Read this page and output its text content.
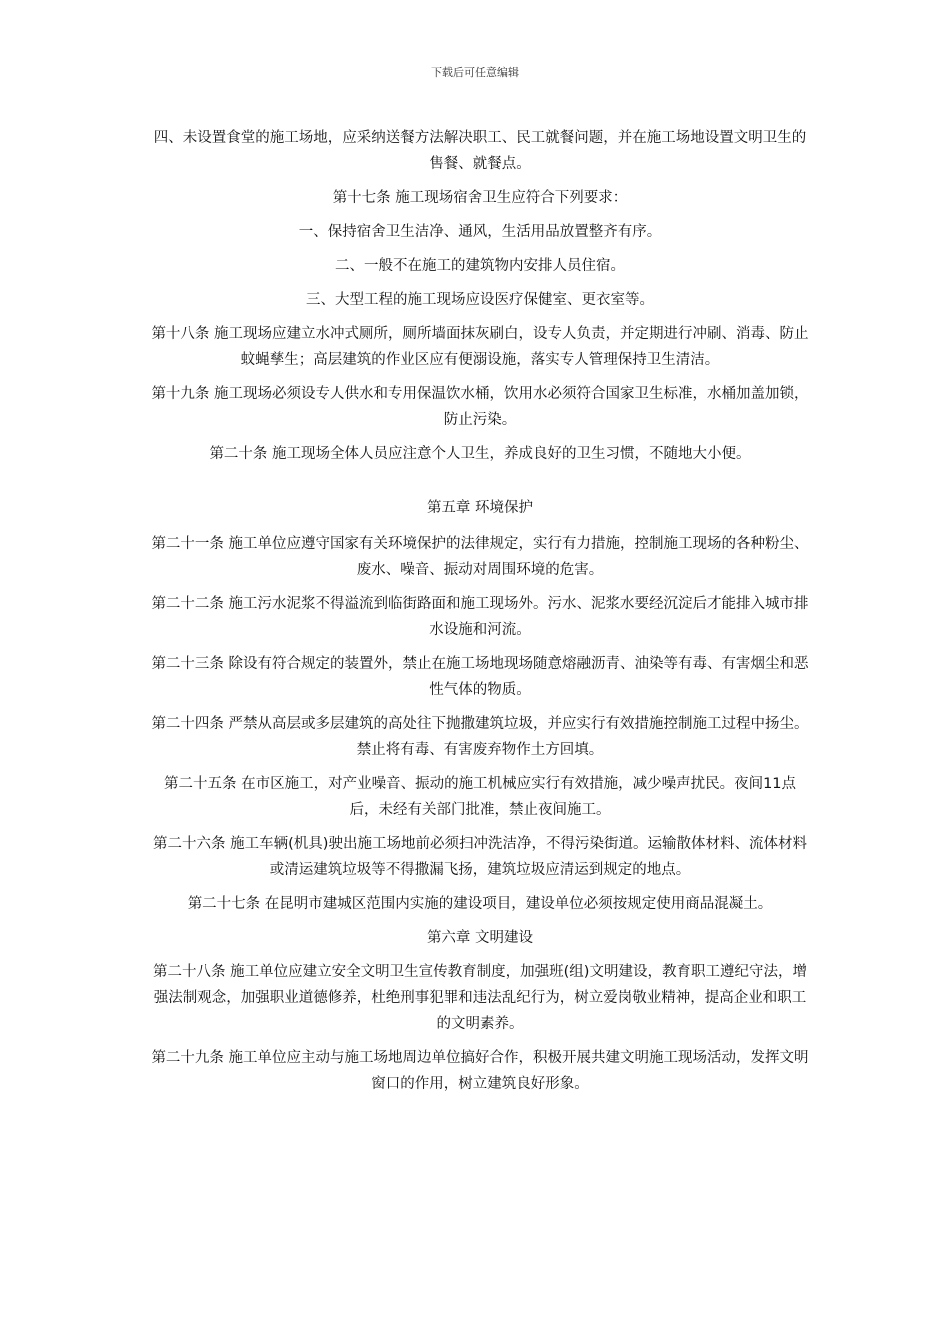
下载后可任意编辑

四、未设置食堂的施工场地，应采纳送餐方法解决职工、民工就餐问题，并在施工场地设置文明卫生的售餐、就餐点。

第十七条 施工现场宿舍卫生应符合下列要求：

一、保持宿舍卫生洁净、通风，生活用品放置整齐有序。

二、一般不在施工的建筑物内安排人员住宿。

三、大型工程的施工现场应设医疗保健室、更衣室等。

第十八条 施工现场应建立水冲式厕所，厕所墙面抹灰刷白，设专人负责，并定期进行冲刷、消毒、防止蚊蝇孳生；高层建筑的作业区应有便溺设施，落实专人管理保持卫生清洁。

第十九条 施工现场必须设专人供水和专用保温饮水桶，饮用水必须符合国家卫生标准，水桶加盖加锁，防止污染。

第二十条 施工现场全体人员应注意个人卫生，养成良好的卫生习惯，不随地大小便。

第五章 环境保护

第二十一条 施工单位应遵守国家有关环境保护的法律规定，实行有力措施，控制施工现场的各种粉尘、废水、噪音、振动对周围环境的危害。

第二十二条 施工污水泥浆不得溢流到临街路面和施工现场外。污水、泥浆水要经沉淀后才能排入城市排水设施和河流。

第二十三条 除设有符合规定的装置外，禁止在施工场地现场随意熔融沥青、油染等有毒、有害烟尘和恶性气体的物质。

第二十四条 严禁从高层或多层建筑的高处往下抛撒建筑垃圾，并应实行有效措施控制施工过程中扬尘。禁止将有毒、有害废弃物作土方回填。

第二十五条 在市区施工，对产业噪音、振动的施工机械应实行有效措施，减少噪声扰民。夜间11点后，未经有关部门批准，禁止夜间施工。

第二十六条 施工车辆(机具)驶出施工场地前必须扫冲洗洁净，不得污染街道。运输散体材料、流体材料或清运建筑垃圾等不得撒漏飞扬，建筑垃圾应清运到规定的地点。

第二十七条 在昆明市建城区范围内实施的建设项目，建设单位必须按规定使用商品混凝土。

第六章 文明建设

第二十八条 施工单位应建立安全文明卫生宣传教育制度，加强班(组)文明建设，教育职工遵纪守法，增强法制观念，加强职业道德修养，杜绝刑事犯罪和违法乱纪行为，树立爱岗敬业精神，提高企业和职工的文明素养。

第二十九条 施工单位应主动与施工场地周边单位搞好合作，积极开展共建文明施工现场活动，发挥文明窗口的作用，树立建筑良好形象。
